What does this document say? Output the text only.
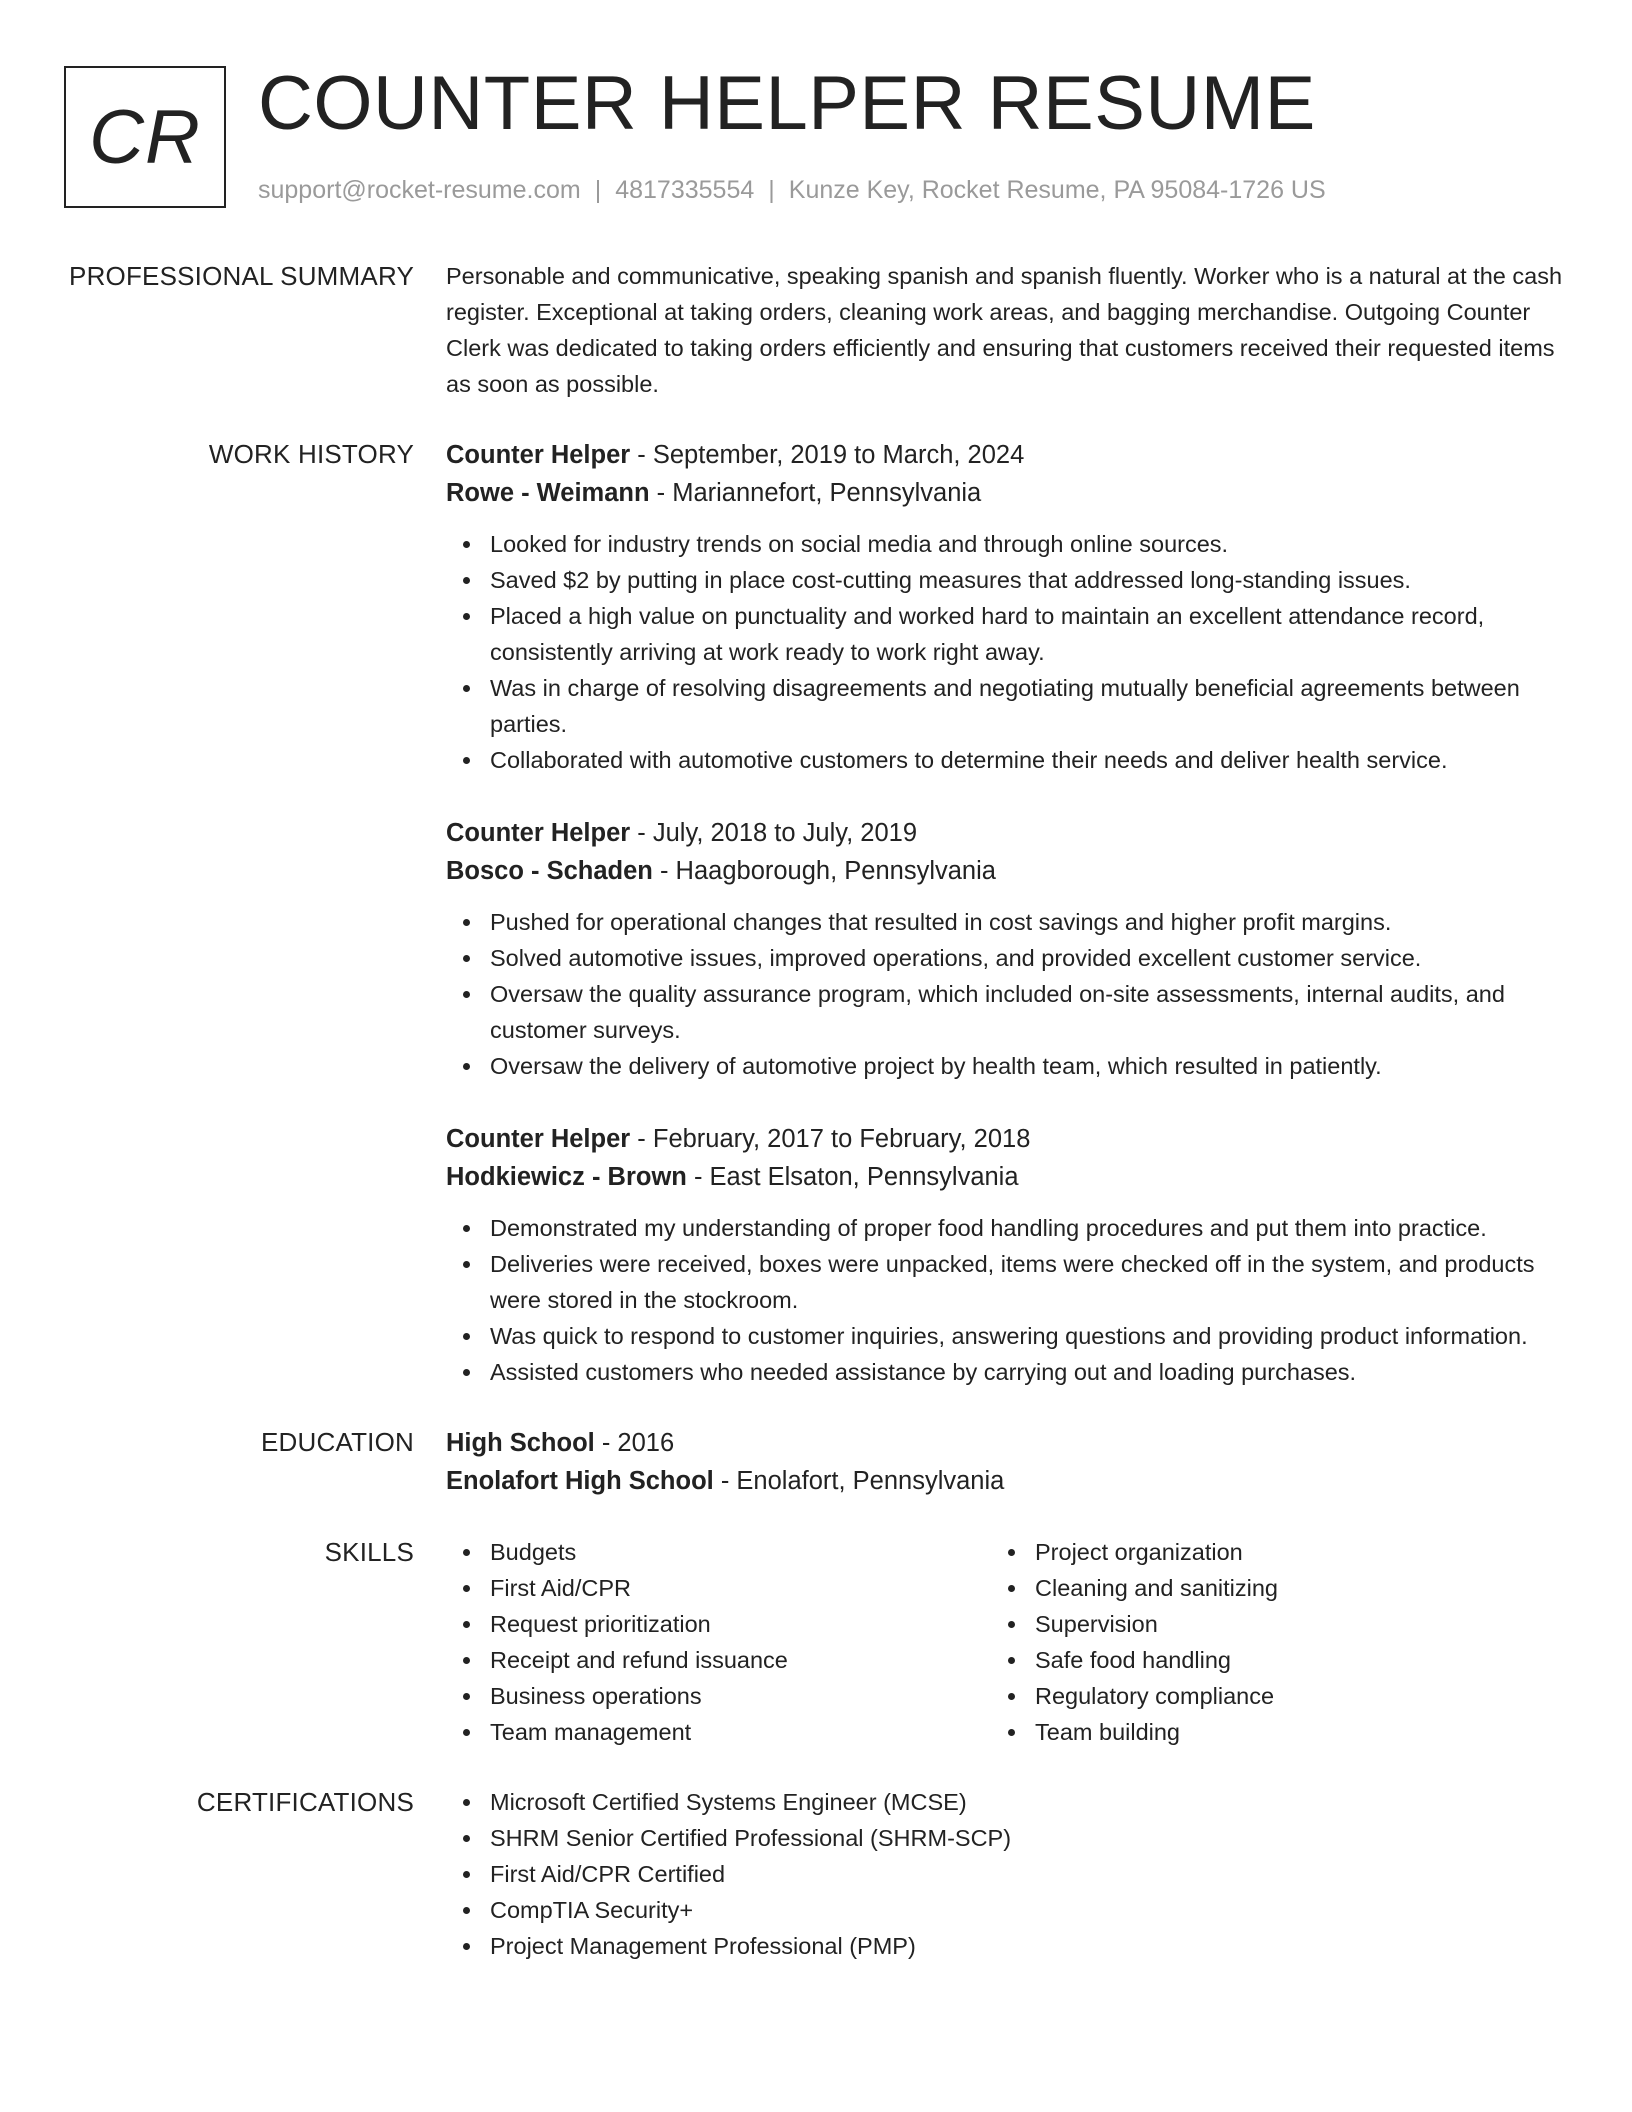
CR COUNTER HELPER RESUME
support@rocket-resume.com | 4817335554 | Kunze Key, Rocket Resume, PA 95084-1726 US
PROFESSIONAL SUMMARY Personable and communicative, speaking spanish and spanish fluently. Worker who is a natural at the cash register. Exceptional at taking orders, cleaning work areas, and bagging merchandise. Outgoing Counter Clerk was dedicated to taking orders efficiently and ensuring that customers received their requested items as soon as possible.
WORK HISTORY Counter Helper - September, 2019 to March, 2024
Rowe - Weimann - Mariannefort, Pennsylvania
Looked for industry trends on social media and through online sources.
Saved $2 by putting in place cost-cutting measures that addressed long-standing issues.
Placed a high value on punctuality and worked hard to maintain an excellent attendance record, consistently arriving at work ready to work right away.
Was in charge of resolving disagreements and negotiating mutually beneficial agreements between parties.
Collaborated with automotive customers to determine their needs and deliver health service.
Counter Helper - July, 2018 to July, 2019
Bosco - Schaden - Haagborough, Pennsylvania
Pushed for operational changes that resulted in cost savings and higher profit margins.
Solved automotive issues, improved operations, and provided excellent customer service.
Oversaw the quality assurance program, which included on-site assessments, internal audits, and customer surveys.
Oversaw the delivery of automotive project by health team, which resulted in patiently.
Counter Helper - February, 2017 to February, 2018
Hodkiewicz - Brown - East Elsaton, Pennsylvania
Demonstrated my understanding of proper food handling procedures and put them into practice.
Deliveries were received, boxes were unpacked, items were checked off in the system, and products were stored in the stockroom.
Was quick to respond to customer inquiries, answering questions and providing product information.
Assisted customers who needed assistance by carrying out and loading purchases.
EDUCATION High School - 2016
Enolafort High School - Enolafort, Pennsylvania
SKILLS	Budgets
First Aid/CPR
Request prioritization
Receipt and refund issuance
Business operations
Team management
Project organization
Cleaning and sanitizing
Supervision
Safe food handling
Regulatory compliance
Team building
CERTIFICATIONS	Microsoft Certified Systems Engineer (MCSE)
SHRM Senior Certified Professional (SHRM-SCP)
First Aid/CPR Certified
CompTIA Security+
Project Management Professional (PMP)
